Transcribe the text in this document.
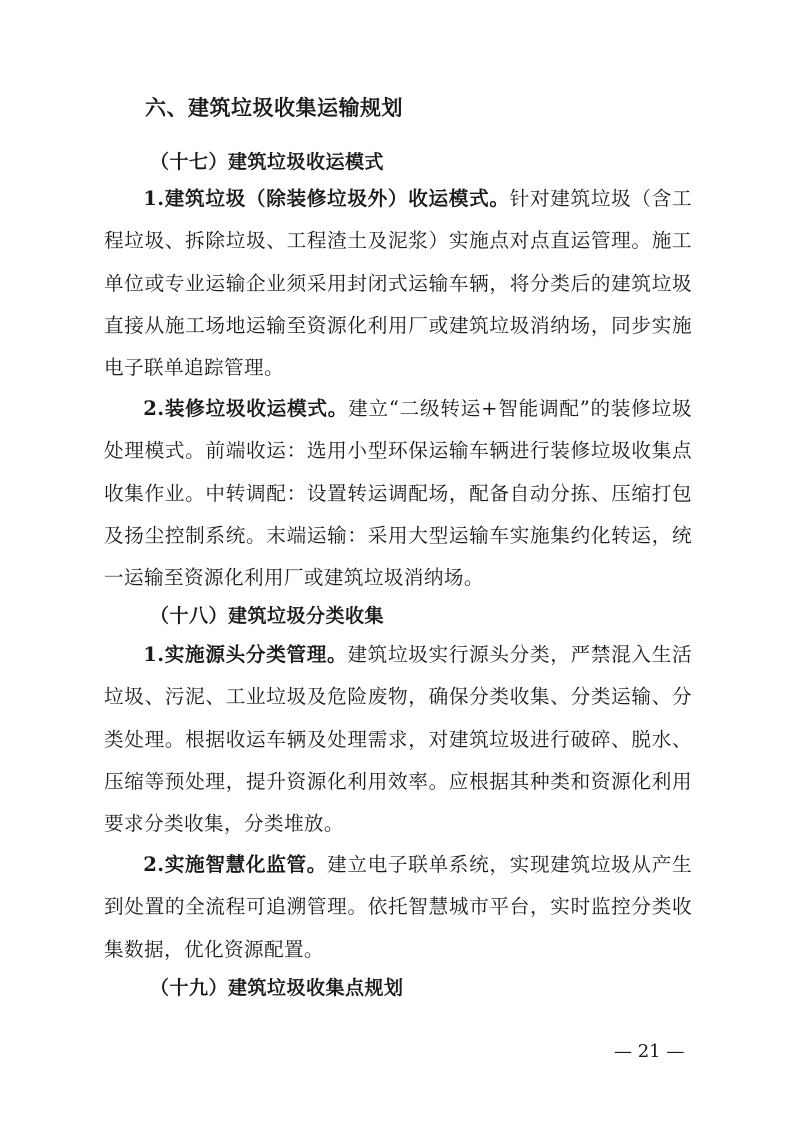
六、建筑垃圾收集运输规划
（十七）建筑垃圾收运模式

1.建筑垃圾（除装修垃圾外）收运模式。针对建筑垃圾（含工程垃圾、拆除垃圾、工程渣土及泥浆）实施点对点直运管理。施工单位或专业运输企业须采用封闭式运输车辆，将分类后的建筑垃圾直接从施工场地运输至资源化利用厂或建筑垃圾消纳场，同步实施电子联单追踪管理。

2.装修垃圾收运模式。建立“二级转运+智能调配”的装修垃圾处理模式。前端收运：选用小型环保运输车辆进行装修垃圾收集点收集作业。中转调配：设置转运调配场，配备自动分拣、压缩打包及扬尘控制系统。末端运输：采用大型运输车实施集约化转运，统一运输至资源化利用厂或建筑垃圾消纳场。

（十八）建筑垃圾分类收集

1.实施源头分类管理。建筑垃圾实行源头分类，严禁混入生活垃圾、污泥、工业垃圾及危险废物，确保分类收集、分类运输、分类处理。根据收运车辆及处理需求，对建筑垃圾进行破碎、脱水、压缩等预处理，提升资源化利用效率。应根据其种类和资源化利用要求分类收集，分类堆放。

2.实施智慧化监管。建立电子联单系统，实现建筑垃圾从产生到处置的全流程可追溯管理。依托智慧城市平台，实时监控分类收集数据，优化资源配置。

（十九）建筑垃圾收集点规划
— 21 —
